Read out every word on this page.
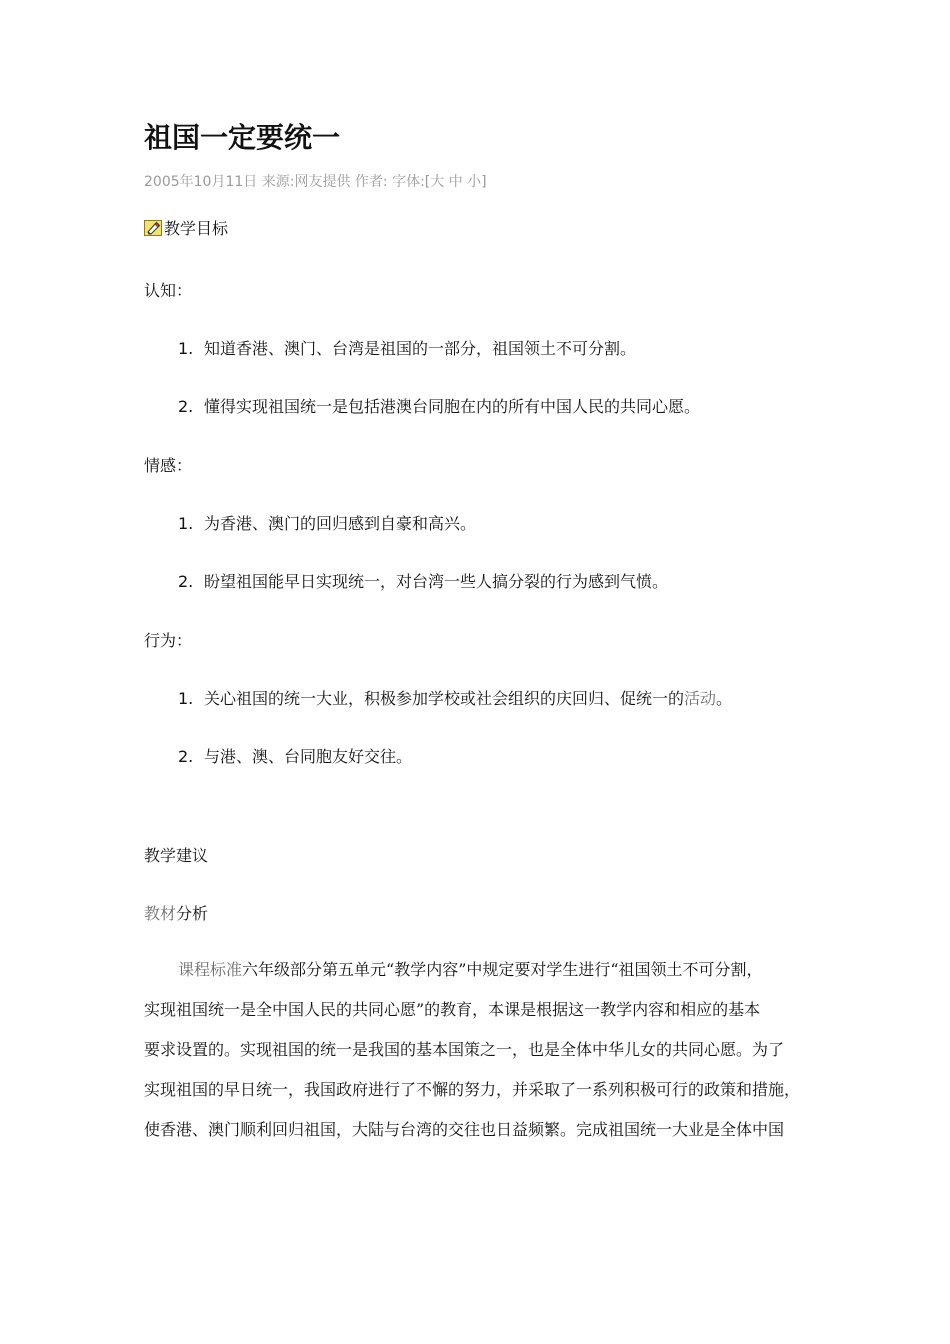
祖国一定要统一
2005年10月11日 来源:网友提供 作者: 字体:[大 中 小]
教学目标
认知：
1. 知道香港、澳门、台湾是祖国的一部分，祖国领土不可分割。
2. 懂得实现祖国统一是包括港澳台同胞在内的所有中国人民的共同心愿。
情感：
1. 为香港、澳门的回归感到自豪和高兴。
2. 盼望祖国能早日实现统一，对台湾一些人搞分裂的行为感到气愤。
行为：
1. 关心祖国的统一大业，积极参加学校或社会组织的庆回归、促统一的活动。
2. 与港、澳、台同胞友好交往。
教学建议
教材分析
课程标准六年级部分第五单元“教学内容”中规定要对学生进行“祖国领土不可分割，
实现祖国统一是全中国人民的共同心愿”的教育，本课是根据这一教学内容和相应的基本
要求设置的。实现祖国的统一是我国的基本国策之一，也是全体中华儿女的共同心愿。为了
实现祖国的早日统一，我国政府进行了不懈的努力，并采取了一系列积极可行的政策和措施，
使香港、澳门顺利回归祖国，大陆与台湾的交往也日益频繁。完成祖国统一大业是全体中国
